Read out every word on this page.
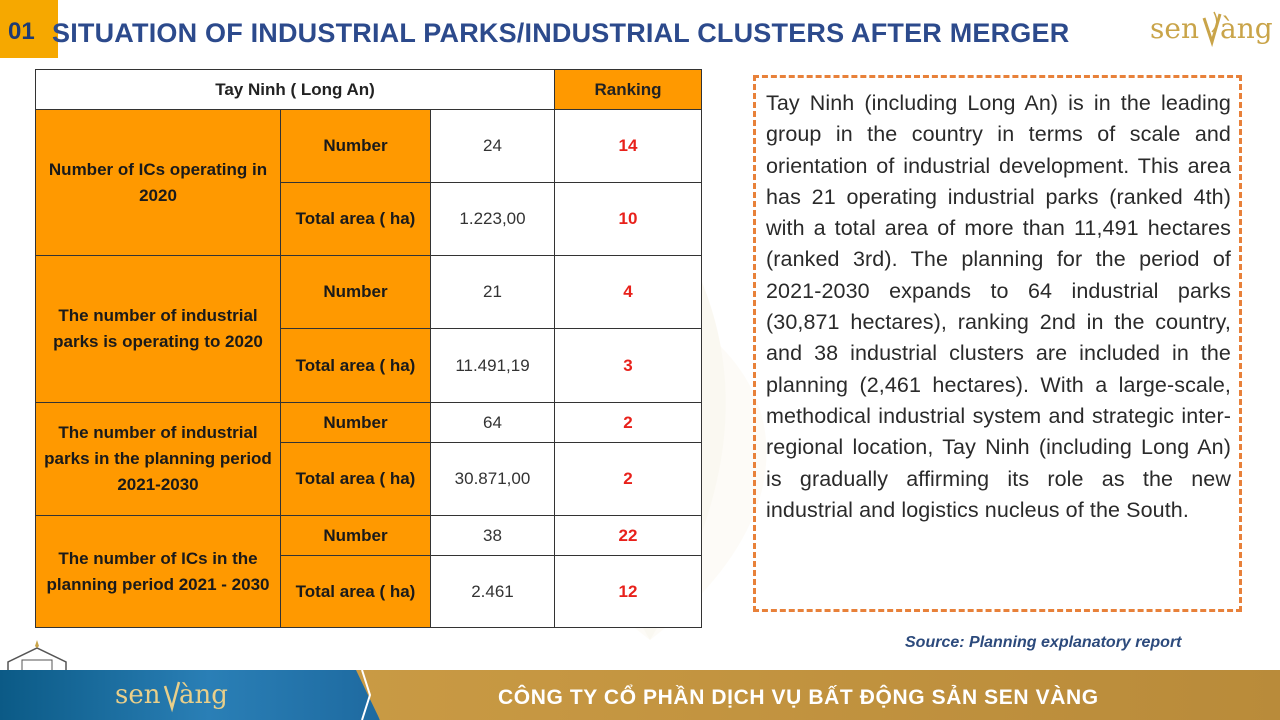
01 SITUATION OF INDUSTRIAL PARKS/INDUSTRIAL CLUSTERS AFTER MERGER	sen àng
Tay Ninh ( Long An)			Ranking
Number of ICs operating in 2020	Number	24	14
	Total area ( ha)	1.223,00	10
The number of industrial parks is operating to 2020	Number	21	4
	Total area ( ha)	11.491,19	3
The number of industrial parks in the planning period 2021-2030	Number	64	2
	Total area ( ha)	30.871,00	2
The number of ICs in the planning period 2021 - 2030	Number	38	22
	Total area ( ha)	2.461	12

Tay Ninh (including Long An) is in the leading group in the country in terms of scale and orientation of industrial development. This area has 21 operating industrial parks (ranked 4th) with a total area of more than 11,491 hectares (ranked 3rd). The planning for the period of 2021-2030 expands to 64 industrial parks (30,871 hectares), ranking 2nd in the country, and 38 industrial clusters are included in the planning (2,461 hectares). With a large-scale, methodical industrial system and strategic inter-regional location, Tay Ninh (including Long An) is gradually affirming its role as the new industrial and logistics nucleus of the South.

Source: Planning explanatory report
sen àng	CÔNG TY CỔ PHẦN DỊCH VỤ BẤT ĐỘNG SẢN SEN VÀNG
